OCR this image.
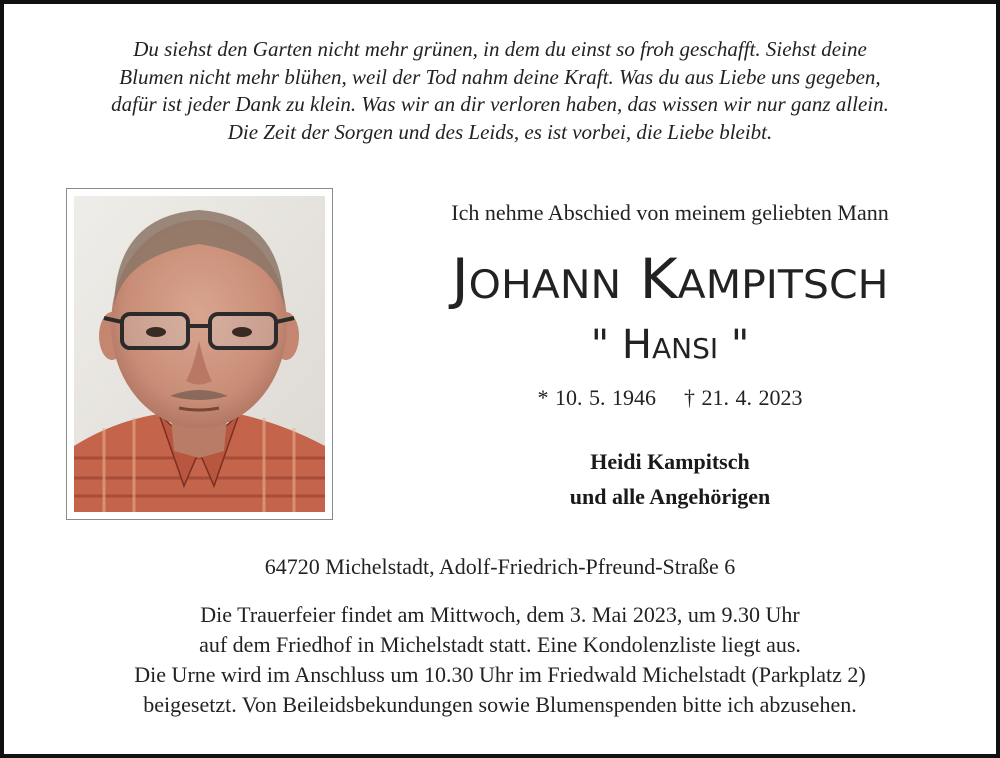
Du siehst den Garten nicht mehr grünen, in dem du einst so froh geschafft. Siehst deine
Blumen nicht mehr blühen, weil der Tod nahm deine Kraft. Was du aus Liebe uns gegeben,
dafür ist jeder Dank zu klein. Was wir an dir verloren haben, das wissen wir nur ganz allein.
Die Zeit der Sorgen und des Leids, es ist vorbei, die Liebe bleibt.
Ich nehme Abschied von meinem geliebten Mann
Johann Kampitsch
" Hansi "
* 10. 5. 1946 † 21. 4. 2023
Heidi Kampitsch
und alle Angehörigen
64720 Michelstadt, Adolf-Friedrich-Pfreund-Straße 6
Die Trauerfeier findet am Mittwoch, dem 3. Mai 2023, um 9.30 Uhr
auf dem Friedhof in Michelstadt statt. Eine Kondolenzliste liegt aus.
Die Urne wird im Anschluss um 10.30 Uhr im Friedwald Michelstadt (Parkplatz 2)
beigesetzt. Von Beileidsbekundungen sowie Blumenspenden bitte ich abzusehen.
